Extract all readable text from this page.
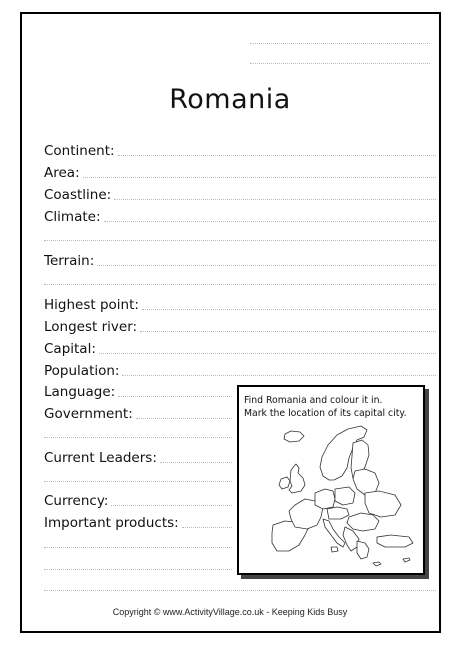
Romania
Continent:
Area:
Coastline:
Climate:
Terrain:
Highest point:
Longest river:
Capital:
Population:
Language:
Government:
Current Leaders:
Currency:
Important products:
Find Romania and colour it in.
Mark the location of its capital city.
Copyright © www.ActivityVillage.co.uk - Keeping Kids Busy
